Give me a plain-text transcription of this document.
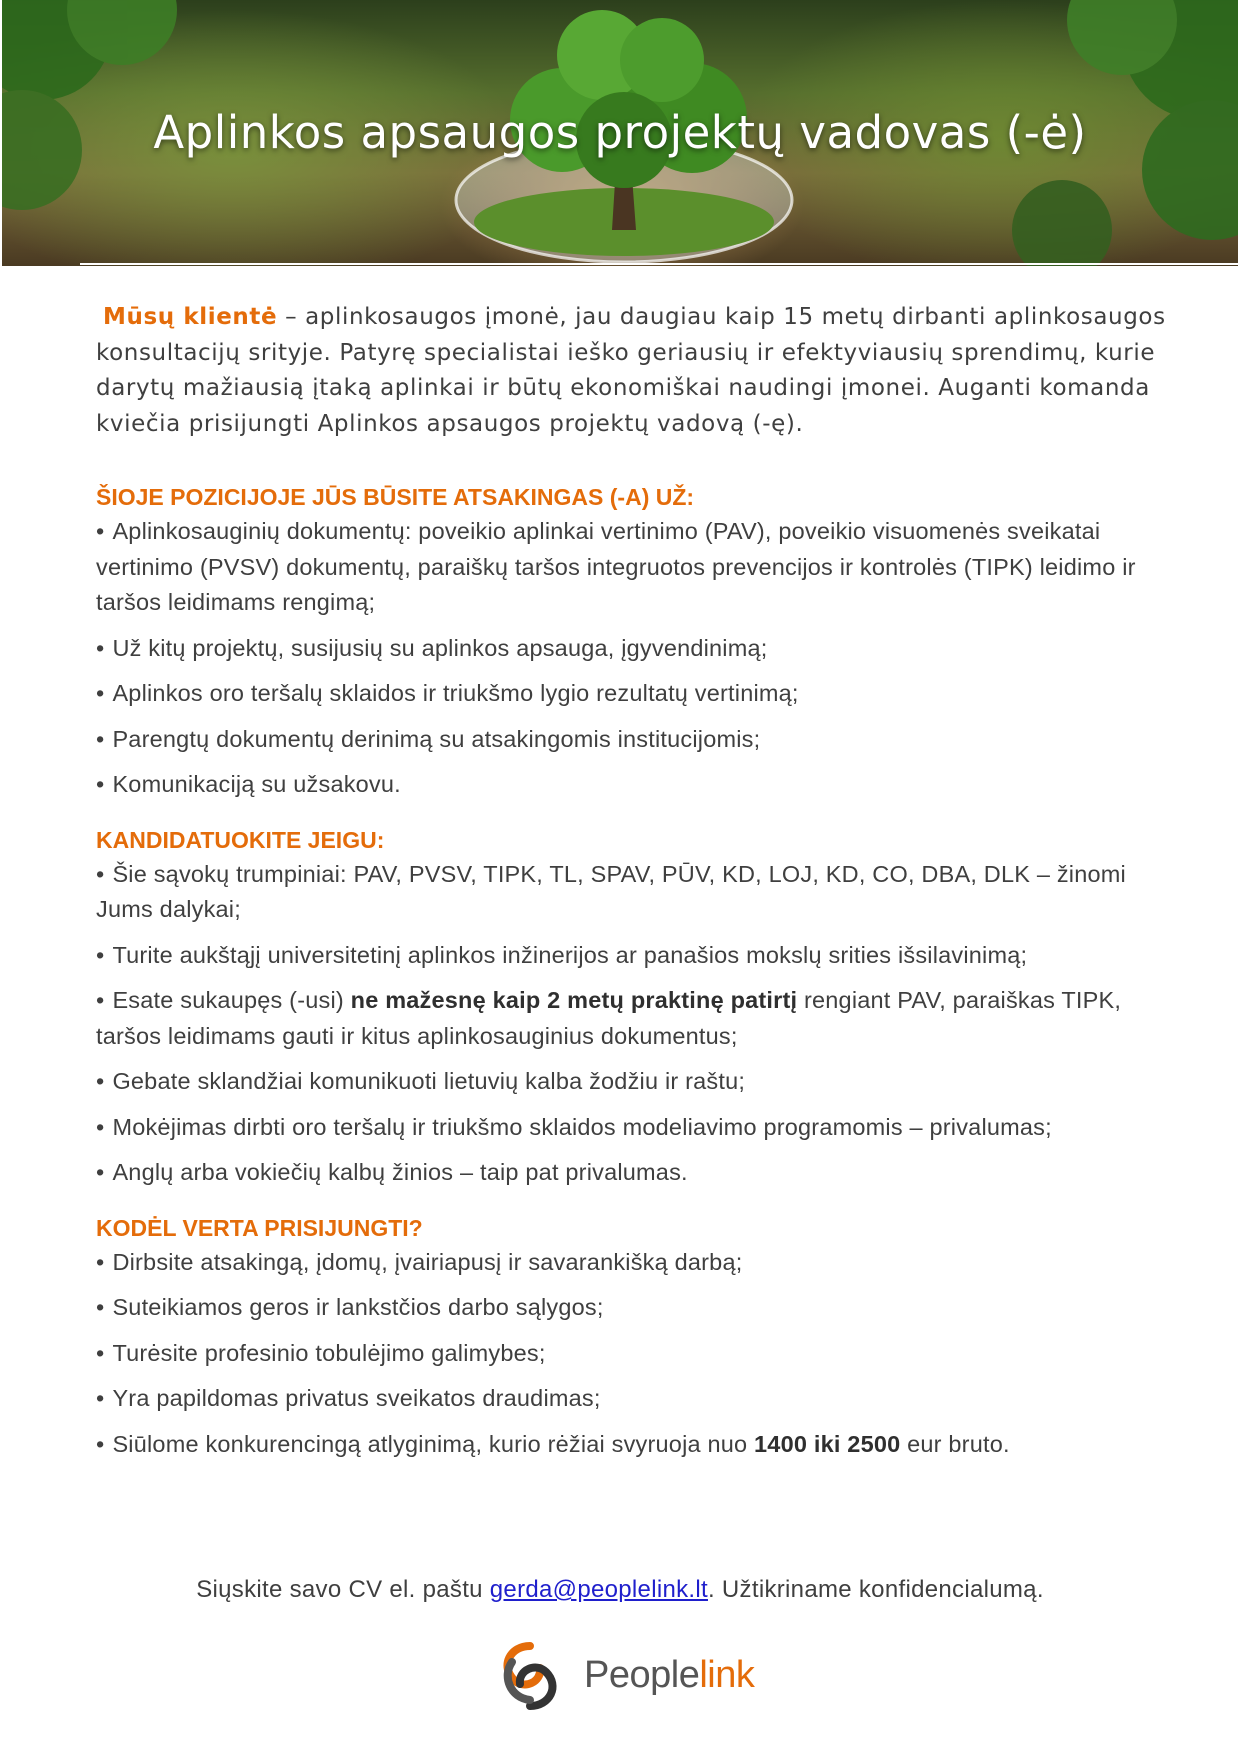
Aplinkos apsaugos projektų vadovas (-ė)

Mūsų klientė – aplinkosaugos įmonė, jau daugiau kaip 15 metų dirbanti aplinkosaugos konsultacijų srityje. Patyrę specialistai ieško geriausių ir efektyviausių sprendimų, kurie darytų mažiausią įtaką aplinkai ir būtų ekonomiškai naudingi įmonei. Auganti komanda kviečia prisijungti Aplinkos apsaugos projektų vadovą (-ę).

ŠIOJE POZICIJOJE JŪS BŪSITE ATSAKINGAS (-A) UŽ:
• Aplinkosauginių dokumentų: poveikio aplinkai vertinimo (PAV), poveikio visuomenės sveikatai vertinimo (PVSV) dokumentų, paraiškų taršos integruotos prevencijos ir kontrolės (TIPK) leidimo ir taršos leidimams rengimą;
• Už kitų projektų, susijusių su aplinkos apsauga, įgyvendinimą;
• Aplinkos oro teršalų sklaidos ir triukšmo lygio rezultatų vertinimą;
• Parengtų dokumentų derinimą su atsakingomis institucijomis;
• Komunikaciją su užsakovu.
KANDIDATUOKITE JEIGU:
• Šie sąvokų trumpiniai: PAV, PVSV, TIPK, TL, SPAV, PŪV, KD, LOJ, KD, CO, DBA, DLK – žinomi Jums dalykai;
• Turite aukštąjį universitetinį aplinkos inžinerijos ar panašios mokslų srities išsilavinimą;
• Esate sukaupęs (-usi) ne mažesnę kaip 2 metų praktinę patirtį rengiant PAV, paraiškas TIPK, taršos leidimams gauti ir kitus aplinkosauginius dokumentus;
• Gebate sklandžiai komunikuoti lietuvių kalba žodžiu ir raštu;
• Mokėjimas dirbti oro teršalų ir triukšmo sklaidos modeliavimo programomis – privalumas;
• Anglų arba vokiečių kalbų žinios – taip pat privalumas.
KODĖL VERTA PRISIJUNGTI?
• Dirbsite atsakingą, įdomų, įvairiapusį ir savarankišką darbą;
• Suteikiamos geros ir lankstčios darbo sąlygos;
• Turėsite profesinio tobulėjimo galimybes;
• Yra papildomas privatus sveikatos draudimas;
• Siūlome konkurencingą atlyginimą, kurio rėžiai svyruoja nuo 1400 iki 2500 eur bruto.
Siųskite savo CV el. paštu gerda@peoplelink.lt. Užtikriname konfidencialumą.
Peoplelink
